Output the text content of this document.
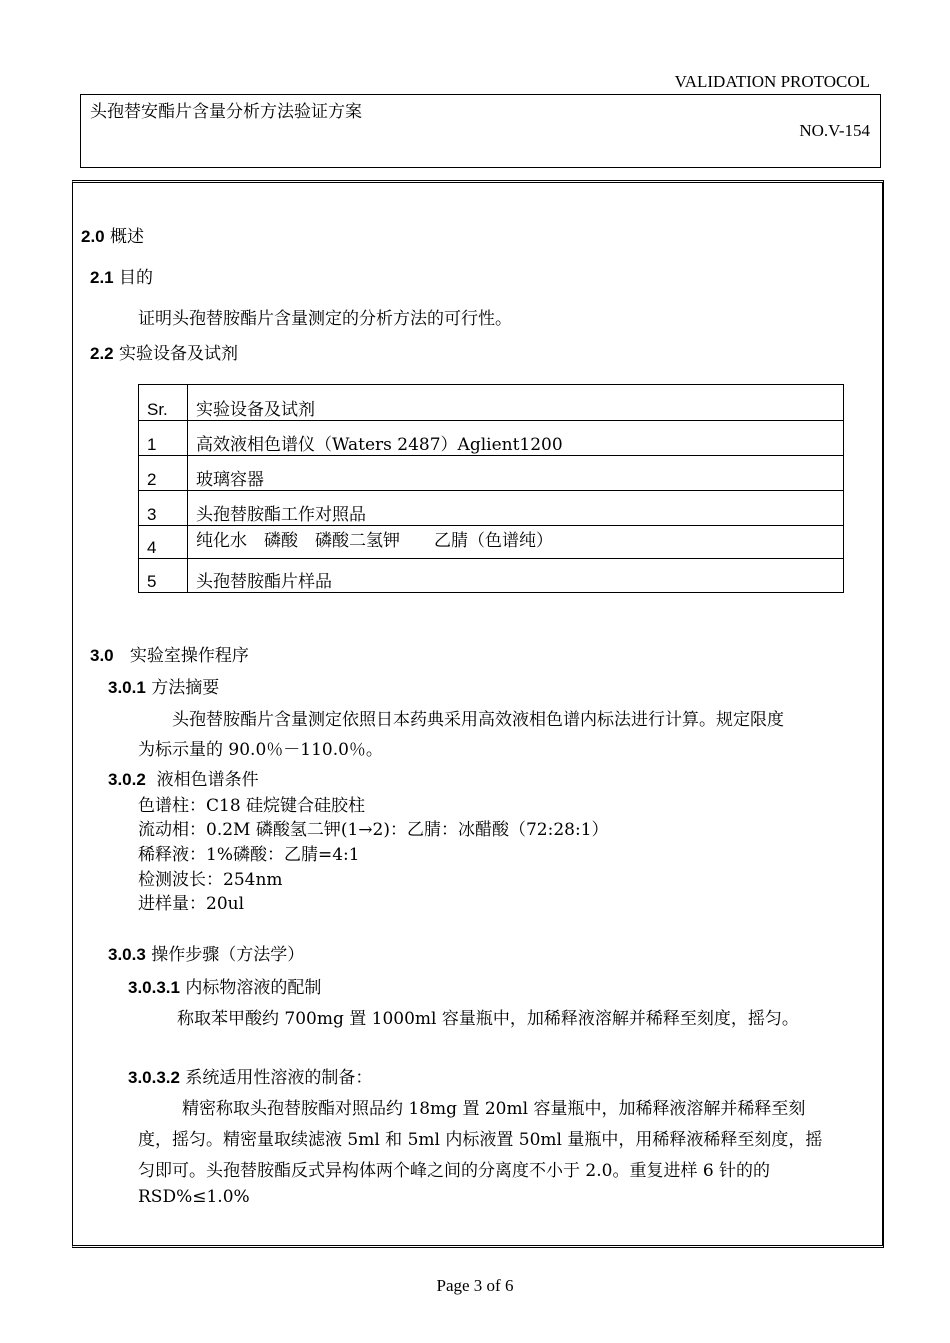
VALIDATION PROTOCOL
头孢替安酯片含量分析方法验证方案
NO.V-154
2.0 概述
2.1 目的
证明头孢替胺酯片含量测定的分析方法的可行性。
2.2 实验设备及试剂
Sr.	实验设备及试剂
1	高效液相色谱仪（Waters 2487）Aglient1200
2	玻璃容器
3	头孢替胺酯工作对照品
4	纯化水　磷酸　磷酸二氢钾　　乙腈（色谱纯）
5	头孢替胺酯片样品
3.0 实验室操作程序
3.0.1 方法摘要
头孢替胺酯片含量测定依照日本药典采用高效液相色谱内标法进行计算。规定限度
为标示量的 90.0％－110.0％。
3.0.2 液相色谱条件
色谱柱：C18 硅烷键合硅胶柱
流动相：0.2M 磷酸氢二钾(1→2)：乙腈：冰醋酸（72:28:1）
稀释液：1%磷酸：乙腈=4:1
检测波长：254nm
进样量：20ul
3.0.3 操作步骤（方法学）
3.0.3.1 内标物溶液的配制
称取苯甲酸约 700mg 置 1000ml 容量瓶中，加稀释液溶解并稀释至刻度，摇匀。
3.0.3.2 系统适用性溶液的制备：
精密称取头孢替胺酯对照品约 18mg 置 20ml 容量瓶中，加稀释液溶解并稀释至刻
度，摇匀。精密量取续滤液 5ml 和 5ml 内标液置 50ml 量瓶中，用稀释液稀释至刻度，摇
匀即可。头孢替胺酯反式异构体两个峰之间的分离度不小于 2.0。重复进样 6 针的的
RSD%≤1.0%
Page 3 of 6
